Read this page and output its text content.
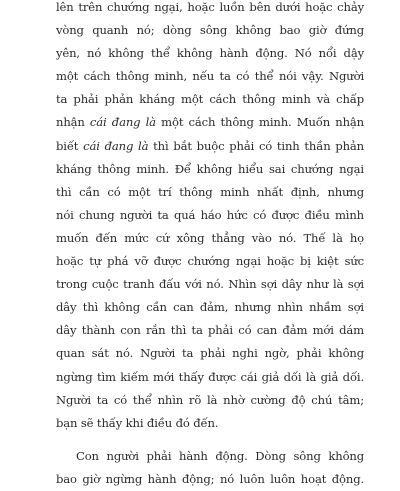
lên trên chướng ngại, hoặc luồn bên dưới hoặc chảy
vòng quanh nó; dòng sông không bao giờ đứng
yên, nó không thể không hành động. Nó nổi dậy
một cách thông minh, nếu ta có thể nói vậy. Người
ta phải phản kháng một cách thông minh và chấp
nhận cái đang là một cách thông minh. Muốn nhận
biết cái đang là thì bắt buộc phải có tinh thần phản
kháng thông minh. Để không hiểu sai chướng ngại
thì cần có một trí thông minh nhất định, nhưng
nói chung người ta quá háo hức có được điều mình
muốn đến mức cứ xông thẳng vào nó. Thế là họ
hoặc tự phá vỡ được chướng ngại hoặc bị kiệt sức
trong cuộc tranh đấu với nó. Nhìn sợi dây như là sợi
dây thì không cần can đảm, nhưng nhìn nhầm sợi
dây thành con rắn thì ta phải có can đảm mới dám
quan sát nó. Người ta phải nghi ngờ, phải không
ngừng tìm kiếm mới thấy được cái giả dối là giả dối.
Người ta có thể nhìn rõ là nhờ cường độ chú tâm;
bạn sẽ thấy khi điều đó đến.
Con người phải hành động. Dòng sông không
bao giờ ngừng hành động; nó luôn luôn hoạt động.
